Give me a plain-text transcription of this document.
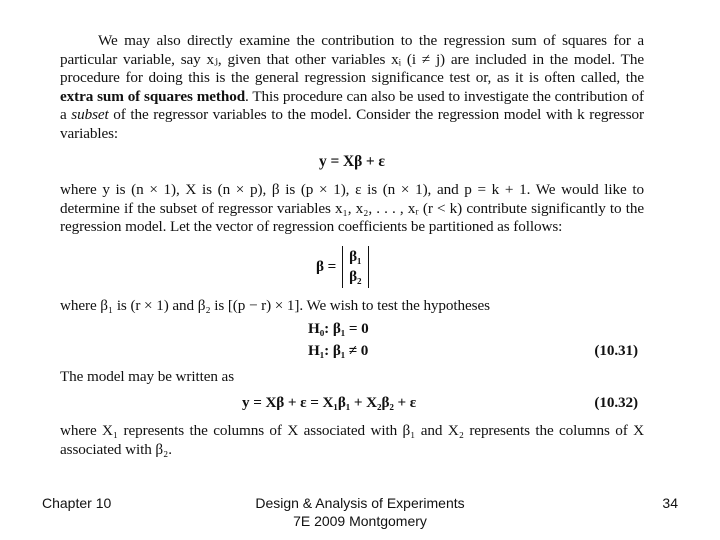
We may also directly examine the contribution to the regression sum of squares for a particular variable, say xⱼ, given that other variables xᵢ (i ≠ j) are included in the model. The procedure for doing this is the general regression significance test or, as it is often called, the extra sum of squares method. This procedure can also be used to investigate the contribution of a subset of the regressor variables to the model. Consider the regression model with k regressor variables:

y = Xβ + ε

where y is (n × 1), X is (n × p), β is (p × 1), ε is (n × 1), and p = k + 1. We would like to determine if the subset of regressor variables x₁, x₂, . . . , xᵣ (r < k) contribute significantly to the regression model. Let the vector of regression coefficients be partitioned as follows:

β =
β₁
β₂

where β₁ is (r × 1) and β₂ is [(p − r) × 1]. We wish to test the hypotheses

H₀: β₁ = 0
H₁: β₁ ≠ 0	(10.31)

The model may be written as

y = Xβ + ε = X₁β₁ + X₂β₂ + ε	(10.32)

where X₁ represents the columns of X associated with β₁ and X₂ represents the columns of X associated with β₂.

Chapter 10	Design & Analysis of Experiments
7E 2009 Montgomery
34
